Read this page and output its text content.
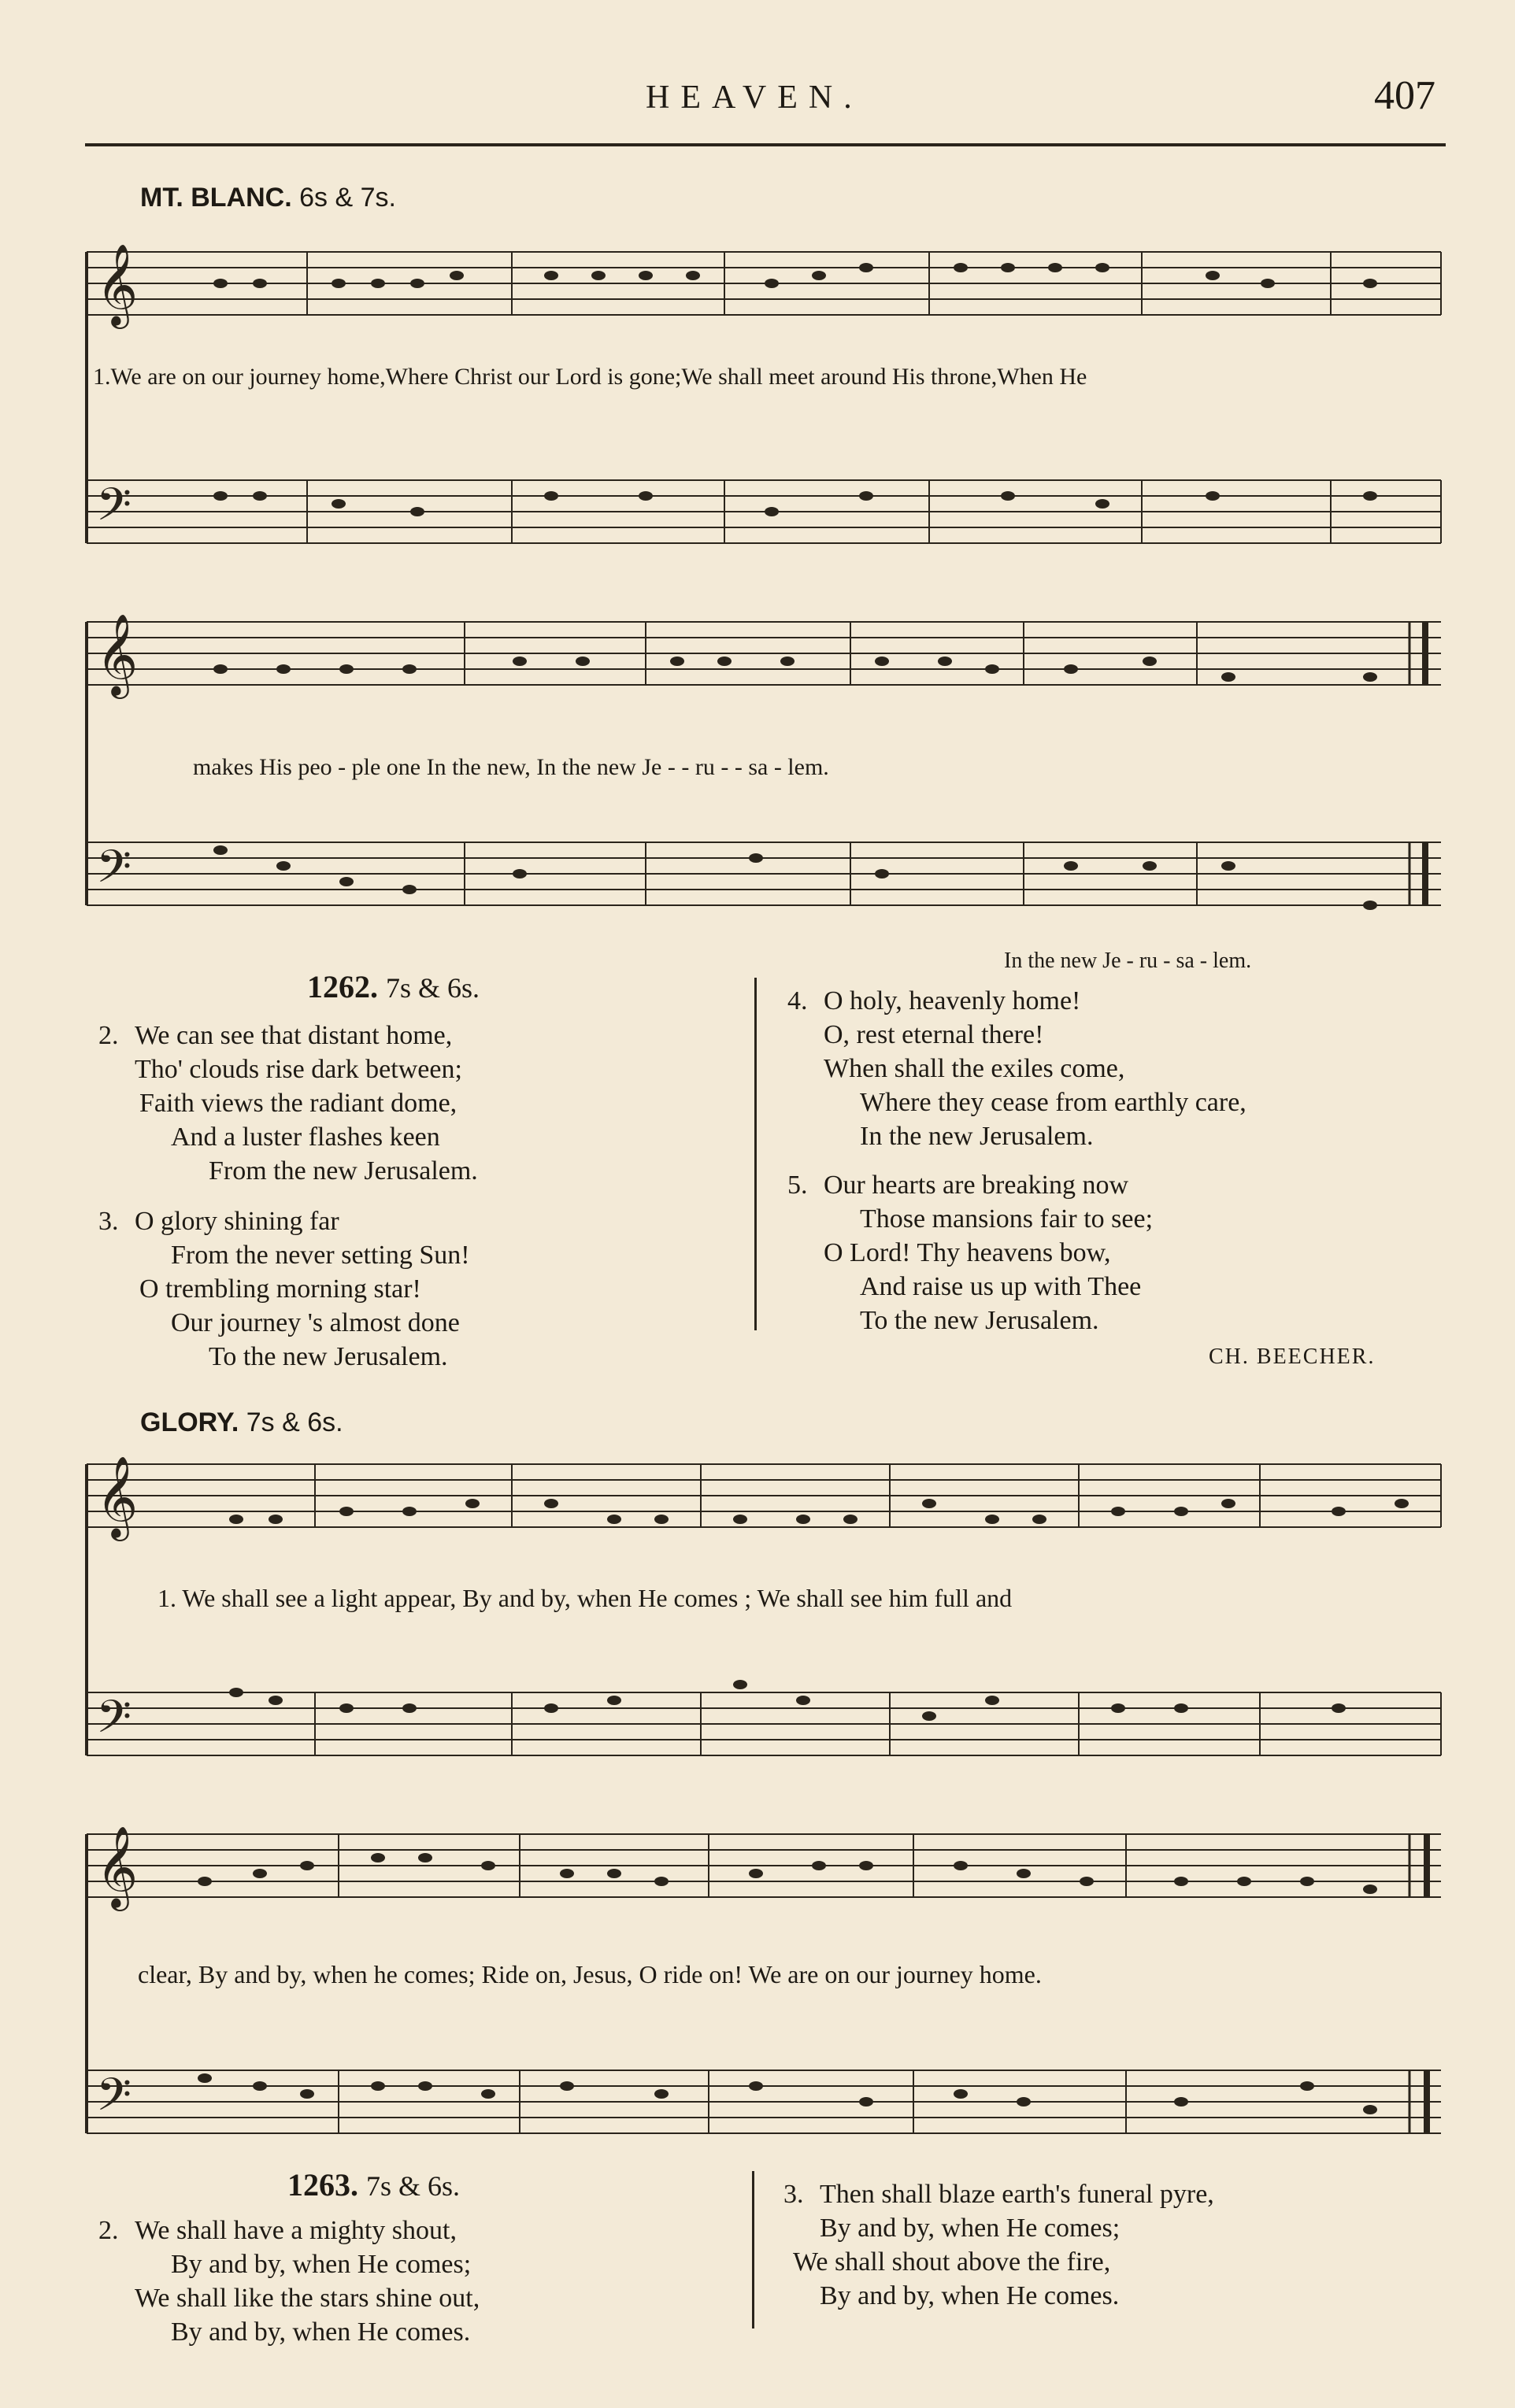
HEAVEN.	407
MT. BLANC. 6s & 7s.
𝄞
𝄢
1.We are on our journey home,Where Christ our Lord is gone;We shall meet around His throne,When He
𝄞
𝄢
makes His peo - ple one In the new, In the new Je - - ru - - sa - lem.
In the new Je - ru - sa - lem.
1262. 7s & 6s.
2. We can see that distant home,
Tho' clouds rise dark between;
Faith views the radiant dome,
And a luster flashes keen
From the new Jerusalem.
3. O glory shining far
From the never setting Sun!
O trembling morning star!
Our journey 's almost done
To the new Jerusalem.
4. O holy, heavenly home!
O, rest eternal there!
When shall the exiles come,
Where they cease from earthly care,
In the new Jerusalem.
5. Our hearts are breaking now
Those mansions fair to see;
O Lord! Thy heavens bow,
And raise us up with Thee
To the new Jerusalem.
CH. BEECHER.
GLORY. 7s & 6s.
𝄞
𝄢
1. We shall see a light appear, By and by, when He comes ; We shall see him full and
𝄞
𝄢
clear, By and by, when he comes; Ride on, Jesus, O ride on! We are on our journey home.
1263. 7s & 6s.
2. We shall have a mighty shout,
By and by, when He comes;
We shall like the stars shine out,
By and by, when He comes.
3. Then shall blaze earth's funeral pyre,
By and by, when He comes;
We shall shout above the fire,
By and by, when He comes.
